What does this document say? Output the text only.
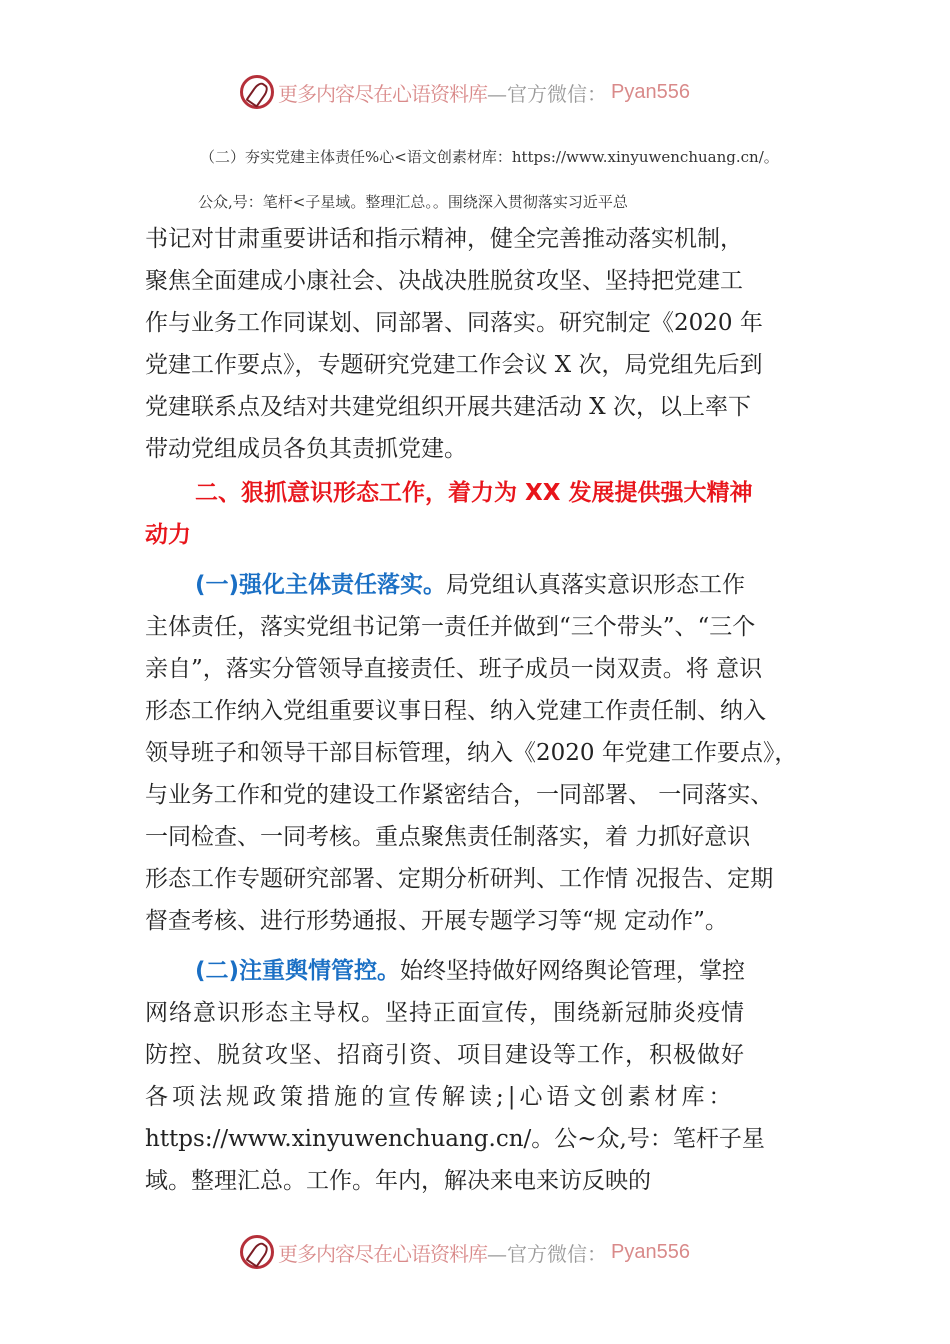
更多内容尽在心语资料库 —官方微信： Pyan556
（二）夯实党建主体责任%心<语文创素材库：https://www.xinyuwenchuang.cn/。
公众,号：笔杆<子星域。整理汇总。。围绕深入贯彻落实习近平总
书记对甘肃重要讲话和指示精神，健全完善推动落实机制，
聚焦全面建成小康社会、决战决胜脱贫攻坚、坚持把党建工
作与业务工作同谋划、同部署、同落实。研究制定《2020 年
党建工作要点》，专题研究党建工作会议 X 次，局党组先后到
党建联系点及结对共建党组织开展共建活动 X 次，以上率下
带动党组成员各负其责抓党建。
二、狠抓意识形态工作，着力为 XX 发展提供强大精神
动力
(一)强化主体责任落实。局党组认真落实意识形态工作
主体责任，落实党组书记第一责任并做到“三个带头”、“三个
亲自”，落实分管领导直接责任、班子成员一岗双责。将 意识
形态工作纳入党组重要议事日程、纳入党建工作责任制、纳入
领导班子和领导干部目标管理，纳入《2020 年党建工作要点》，
与业务工作和党的建设工作紧密结合，一同部署、 一同落实、
一同检查、一同考核。重点聚焦责任制落实，着 力抓好意识
形态工作专题研究部署、定期分析研判、工作情 况报告、定期
督查考核、进行形势通报、开展专题学习等“规 定动作”。
(二)注重舆情管控。始终坚持做好网络舆论管理，掌控
网络意识形态主导权。坚持正面宣传，围绕新冠肺炎疫情
防控、脱贫攻坚、招商引资、项目建设等工作，积极做好
各项法规政策措施的宣传解读;|心语文创素材库：
https://www.xinyuwenchuang.cn/。公~众,号：笔杆子星
域。整理汇总。工作。年内，解决来电来访反映的
更多内容尽在心语资料库 —官方微信： Pyan556
